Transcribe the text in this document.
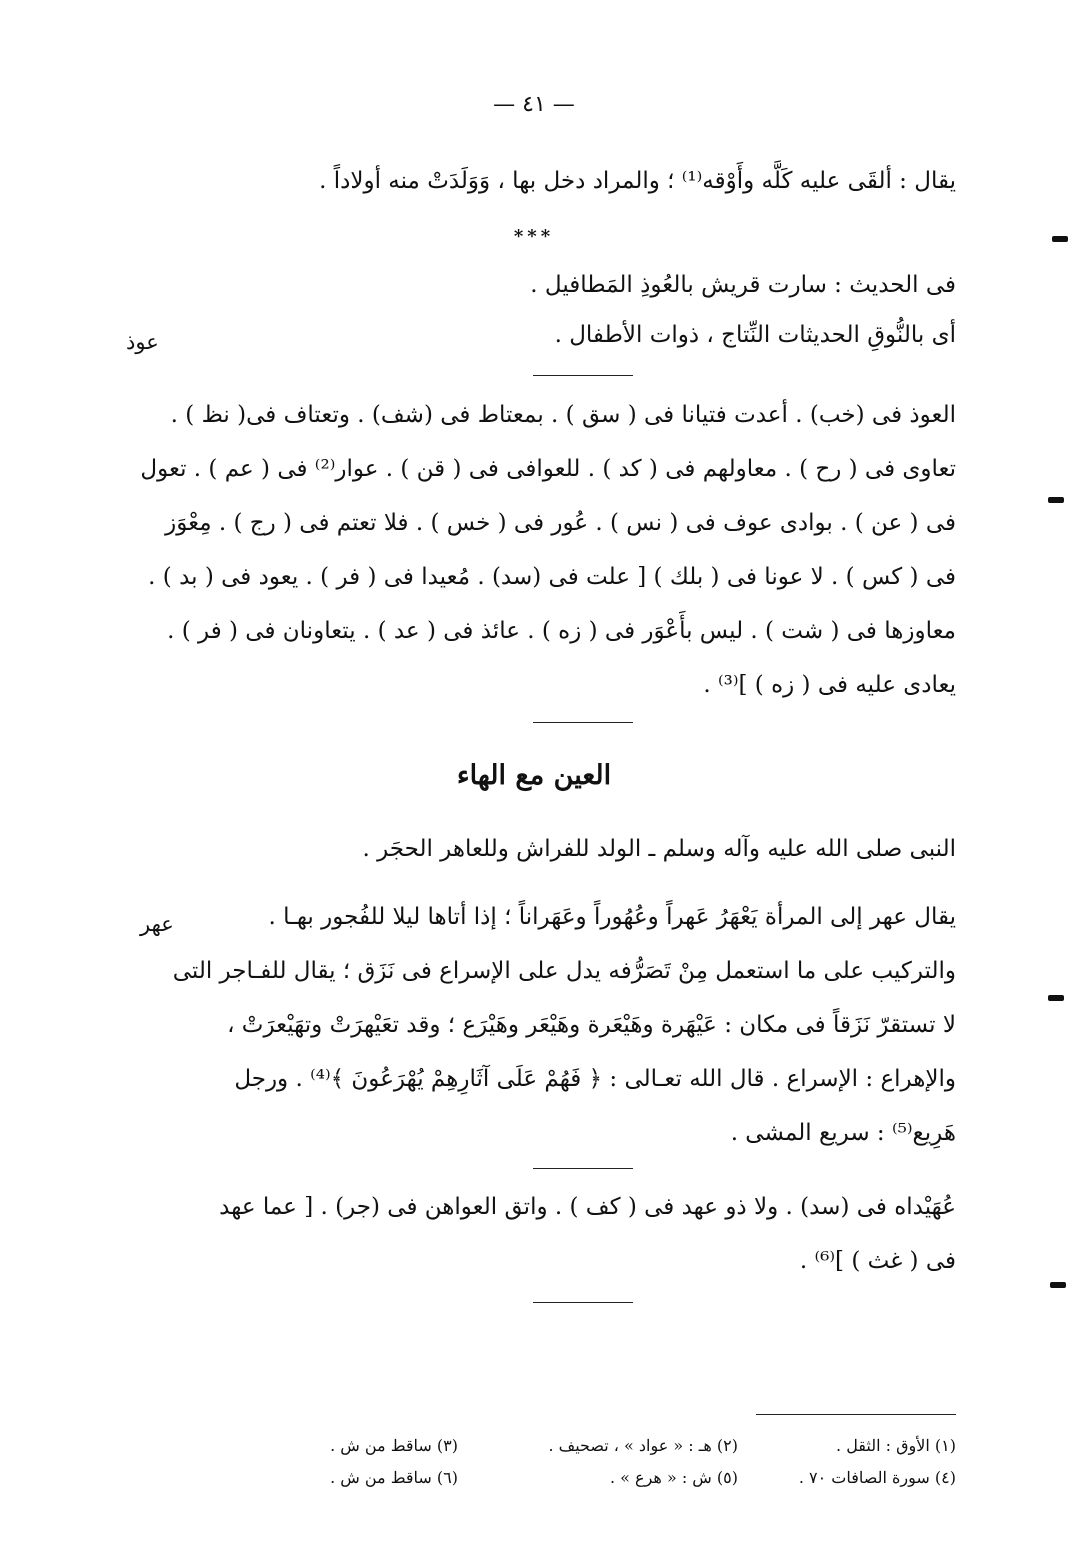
— ٤١ —
يقال : ألقَى عليه كَلَّه وأَوْقه⁽¹⁾ ؛ والمراد دخل بها ، وَوَلَدَتْ منه أولاداً .
***
عوذ
فى الحديث : سارت قريش بالعُوذِ المَطافيل .
أى بالنُّوقِ الحديثات النِّتاج ، ذوات الأطفال .
العوذ فى (خب) . أعدت فتيانا فى ( سق ) . بمعتاط فى (شف) . وتعتاف فى( نظ ) .
تعاوى فى ( رح ) . معاولهم فى ( كد ) . للعوافى فى ( قن ) . عوار⁽²⁾ فى ( عم ) . تعول
فى ( عن ) . بوادى عوف فى ( نس ) . عُور فى ( خس ) . فلا تعتم فى ( رج ) . مِعْوَز
فى ( كس ) . لا عونا فى ( بلك ) [ علت فى (سد) . مُعيدا فى ( فر ) . يعود فى ( بد ) .
معاوزها فى ( شت ) . ليس بأَعْوَر فى ( زه ) . عائذ فى ( عد ) . يتعاونان فى ( فر ) .
يعادى عليه فى ( زه ) ]⁽³⁾ .
العين مع الهاء
النبى صلى الله عليه وآله وسلم ـ الولد للفراش وللعاهر الحجَر .
عهر	يقال عهر إلى المرأة يَعْهَرُ عَهراً وعُهُوراً وعَهَراناً ؛ إذا أتاها ليلا للفُجور بهـا .
والتركيب على ما استعمل مِنْ تَصَرُّفه يدل على الإسراع فى نَزَق ؛ يقال للفـاجر التى
لا تستقرّ نَزَقاً فى مكان : عَيْهَرة وهَيْعَرة وهَيْعَر وهَيْرَع ؛ وقد تعَيْهرَتْ وتهَيْعرَتْ ،
والإهراع : الإسراع . قال الله تعـالى : ﴿ فَهُمْ عَلَى آثَارِهِمْ يُهْرَعُونَ ﴾⁽⁴⁾ . ورجل
هَرِيع⁽⁵⁾ : سريع المشى .
عُهَيْداه فى (سد) . ولا ذو عهد فى ( كف ) . واتق العواهن فى (جر) . [ عما عهد
فى ( غث ) ]⁽⁶⁾ .
(١) الأوق : الثقل .
(٢) هـ : « عواد » ، تصحيف .
(٣) ساقط من ش .
(٤) سورة الصافات ٧٠ .
(٥) ش : « هرع » .
(٦) ساقط من ش .
